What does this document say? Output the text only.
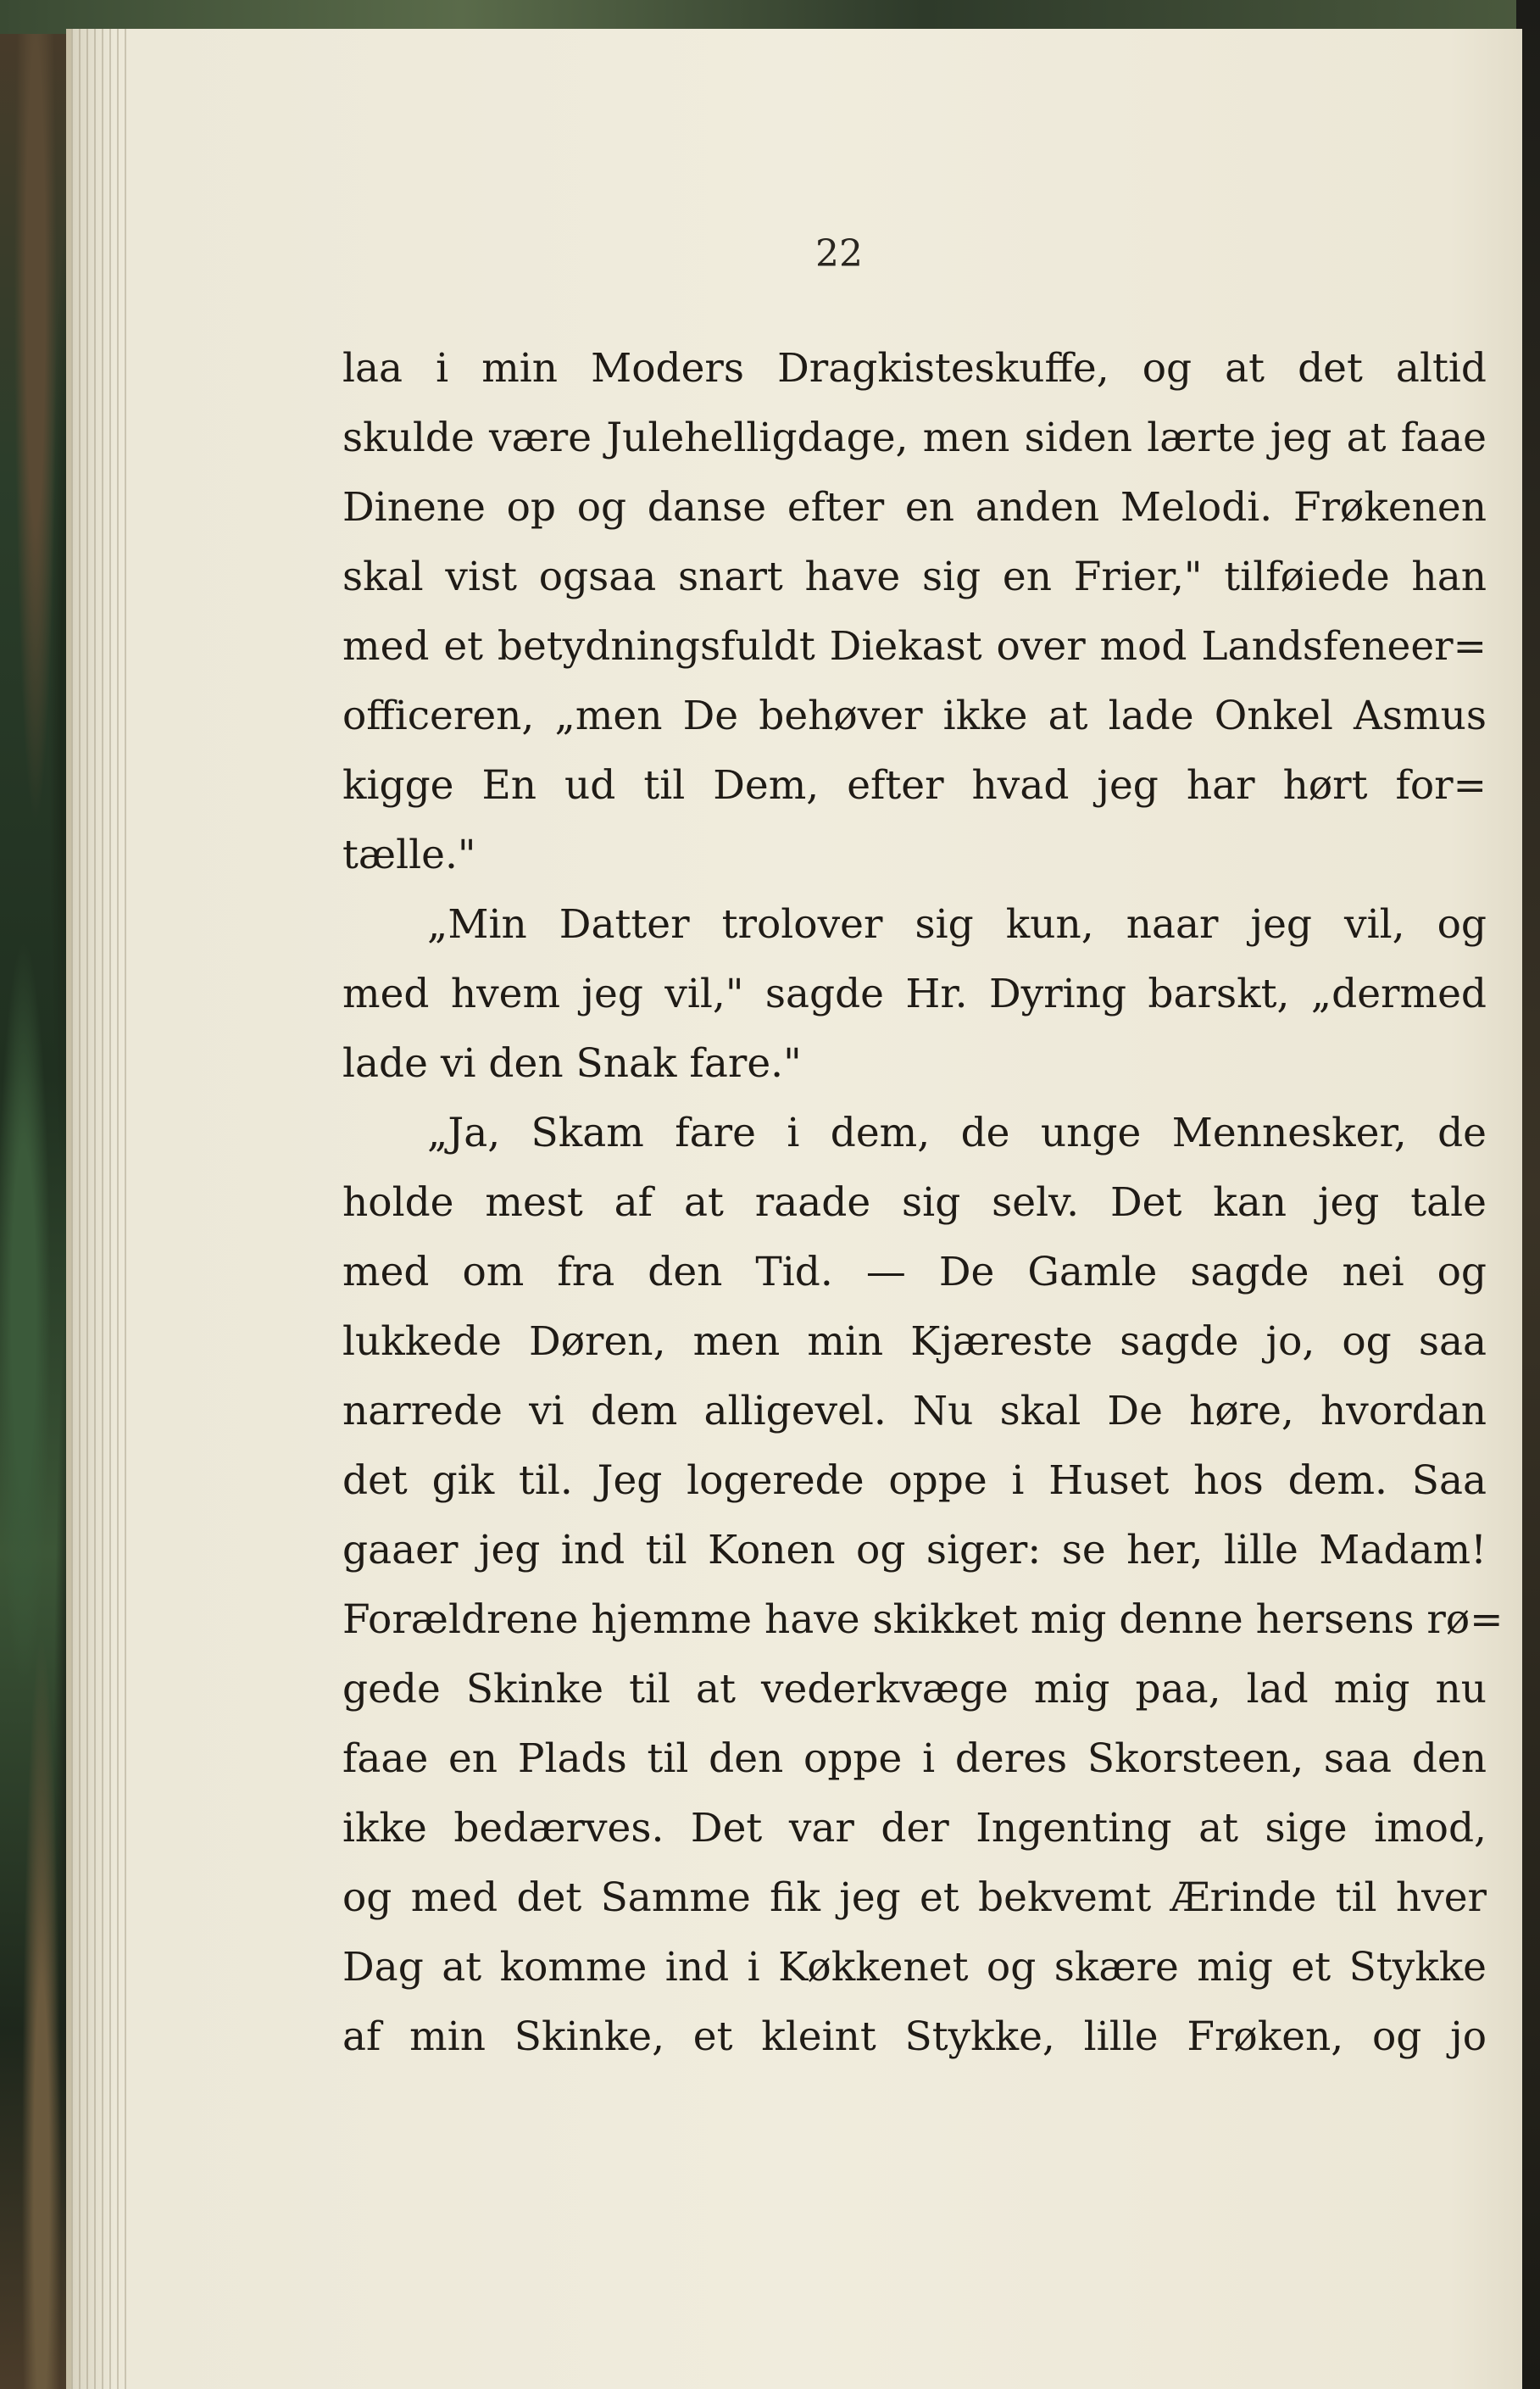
22
laa i min Moders Dragkisteskuffe, og at det altid
skulde være Julehelligdage, men siden lærte jeg at faae
Dinene op og danse efter en anden Melodi. Frøkenen
skal vist ogsaa snart have sig en Frier," tilføiede han
med et betydningsfuldt Diekast over mod Landsfeneer=
officeren, „men De behøver ikke at lade Onkel Asmus
kigge En ud til Dem, efter hvad jeg har hørt for=
tælle."
„Min Datter trolover sig kun, naar jeg vil, og
med hvem jeg vil," sagde Hr. Dyring barskt, „dermed
lade vi den Snak fare."
„Ja, Skam fare i dem, de unge Mennesker, de
holde mest af at raade sig selv. Det kan jeg tale
med om fra den Tid. — De Gamle sagde nei og
lukkede Døren, men min Kjæreste sagde jo, og saa
narrede vi dem alligevel. Nu skal De høre, hvordan
det gik til. Jeg logerede oppe i Huset hos dem. Saa
gaaer jeg ind til Konen og siger: se her, lille Madam!
Forældrene hjemme have skikket mig denne hersens rø=
gede Skinke til at vederkvæge mig paa, lad mig nu
faae en Plads til den oppe i deres Skorsteen, saa den
ikke bedærves. Det var der Ingenting at sige imod,
og med det Samme fik jeg et bekvemt Ærinde til hver
Dag at komme ind i Køkkenet og skære mig et Stykke
af min Skinke, et kleint Stykke, lille Frøken, og jo
